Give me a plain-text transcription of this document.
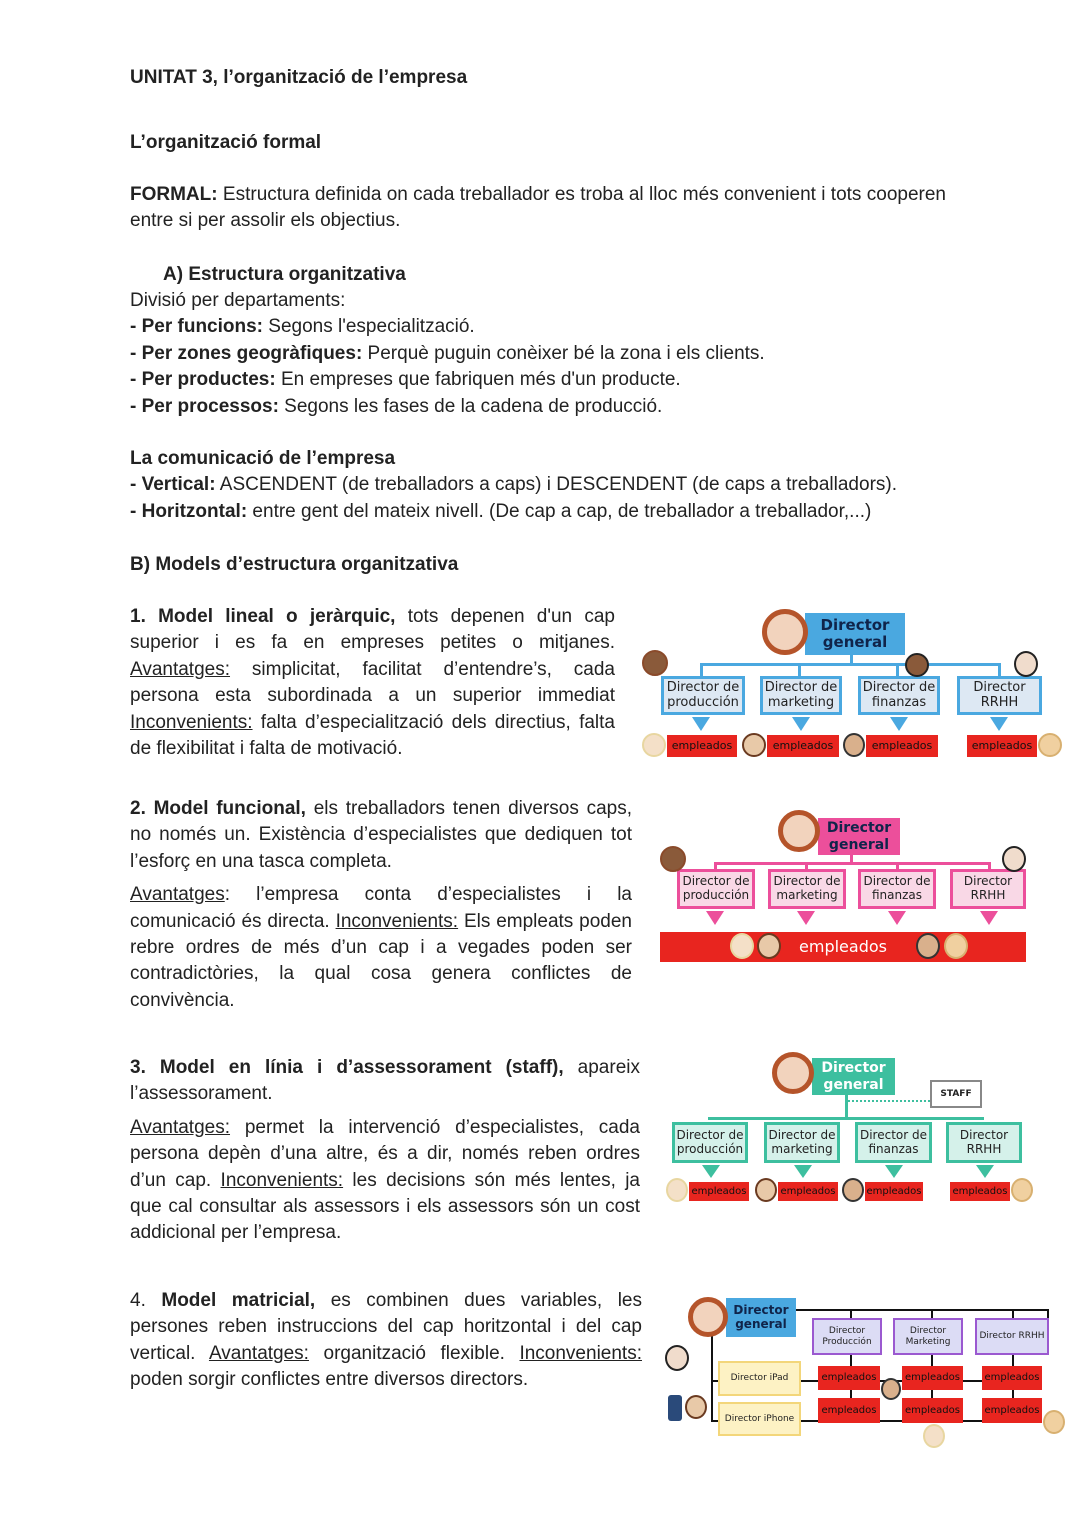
UNITAT 3, l’organització de l’empresa
L’organització formal
FORMAL: Estructura definida on cada treballador es troba al lloc més convenient i tots cooperen entre si per assolir els objectius.
A) Estructura organitzativa
Divisió per departaments:
- Per funcions: Segons l'especialització.
- Per zones geogràfiques: Perquè puguin conèixer bé la zona i els clients.
- Per productes: En empreses que fabriquen més d'un producte.
- Per processos: Segons les fases de la cadena de producció.
La comunicació de l’empresa
- Vertical: ASCENDENT (de treballadors a caps) i DESCENDENT (de caps a treballadors).
- Horitzontal: entre gent del mateix nivell. (De cap a cap, de treballador a treballador,...)
B) Models d’estructura organitzativa
1. Model lineal o jeràrquic, tots depenen d'un cap superior i es fa en empreses petites o mitjanes. Avantatges: simplicitat, facilitat d’entendre’s, cada persona esta subordinada a un superior immediat Inconvenients: falta d’especialització dels directius, falta de flexibilitat i falta de motivació.
2. Model funcional, els treballadors tenen diversos caps, no només un. Existència d’especialistes que dediquen tot l’esforç en una tasca completa.
Avantatges: l’empresa conta d’especialistes i la comunicació és directa. Inconvenients: Els empleats poden rebre ordres de més d’un cap i a vegades poden ser contradictòries, la qual cosa genera conflictes de convivència.
3. Model en línia i d’assessorament (staff), apareix l’assessorament.
Avantatges: permet la intervenció d’especialistes, cada persona depèn d’una altre, és a dir, només reben ordres d’un cap. Inconvenients: les decisions són més lentes, ja que cal consultar als assessors i els assessors són un cost addicional per l’empresa.
4. Model matricial, es combinen dues variables, les persones reben instruccions del cap horitzontal i del cap vertical. Avantatges: organització flexible. Inconvenients: poden sorgir conflictes entre diversos directors.
Director general
Director de producción
Director de marketing
Director de finanzas
Director RRHH
empleados	empleados	empleados	empleados
Director general
Director de producción
Director de marketing
Director de finanzas
Director RRHH
empleados
Director general
STAFF
Director de producción
Director de marketing
Director de finanzas
Director RRHH
empleados	empleados	empleados	empleados
Director general
Director Producción
Director Marketing
Director RRHH
Director iPad
Director iPhone
empleados	empleados	empleados
empleados	empleados	empleados
